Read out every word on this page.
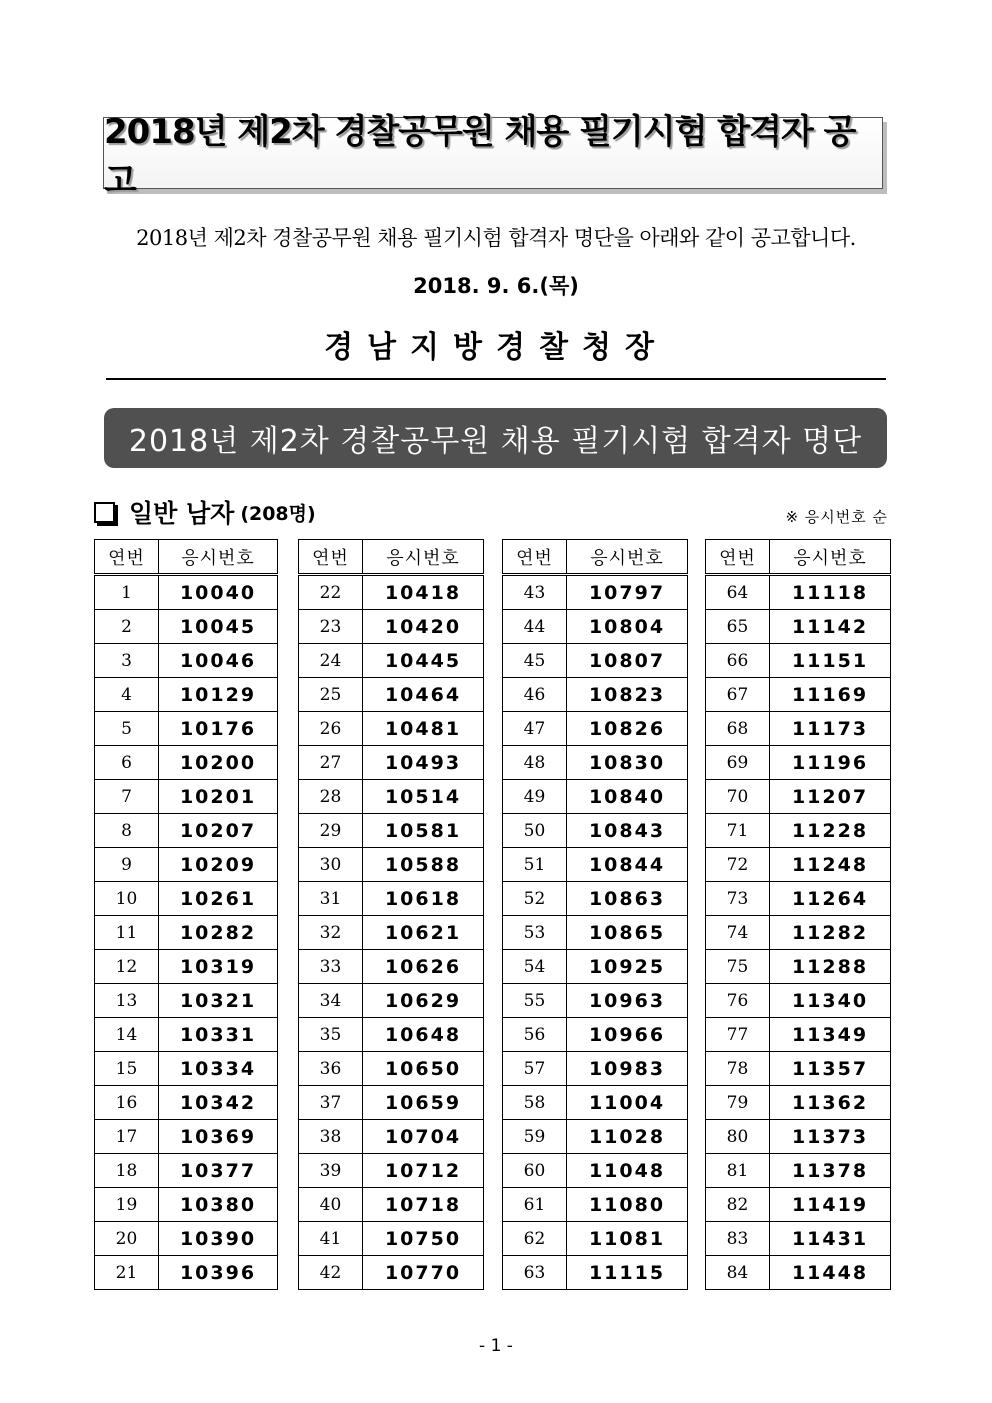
2018년 제2차 경찰공무원 채용 필기시험 합격자 공고
2018년 제2차 경찰공무원 채용 필기시험 합격자 명단을 아래와 같이 공고합니다.
2018. 9. 6.(목)
경남지방경찰청장
2018년 제2차 경찰공무원 채용 필기시험 합격자 명단
일반 남자 (208명)	※ 응시번호 순
연번	응시번호
1	10040
2	10045
3	10046
4	10129
5	10176
6	10200
7	10201
8	10207
9	10209
10	10261
11	10282
12	10319
13	10321
14	10331
15	10334
16	10342
17	10369
18	10377
19	10380
20	10390
21	10396
연번	응시번호
22	10418
23	10420
24	10445
25	10464
26	10481
27	10493
28	10514
29	10581
30	10588
31	10618
32	10621
33	10626
34	10629
35	10648
36	10650
37	10659
38	10704
39	10712
40	10718
41	10750
42	10770
연번	응시번호
43	10797
44	10804
45	10807
46	10823
47	10826
48	10830
49	10840
50	10843
51	10844
52	10863
53	10865
54	10925
55	10963
56	10966
57	10983
58	11004
59	11028
60	11048
61	11080
62	11081
63	11115
연번	응시번호
64	11118
65	11142
66	11151
67	11169
68	11173
69	11196
70	11207
71	11228
72	11248
73	11264
74	11282
75	11288
76	11340
77	11349
78	11357
79	11362
80	11373
81	11378
82	11419
83	11431
84	11448
- 1 -
